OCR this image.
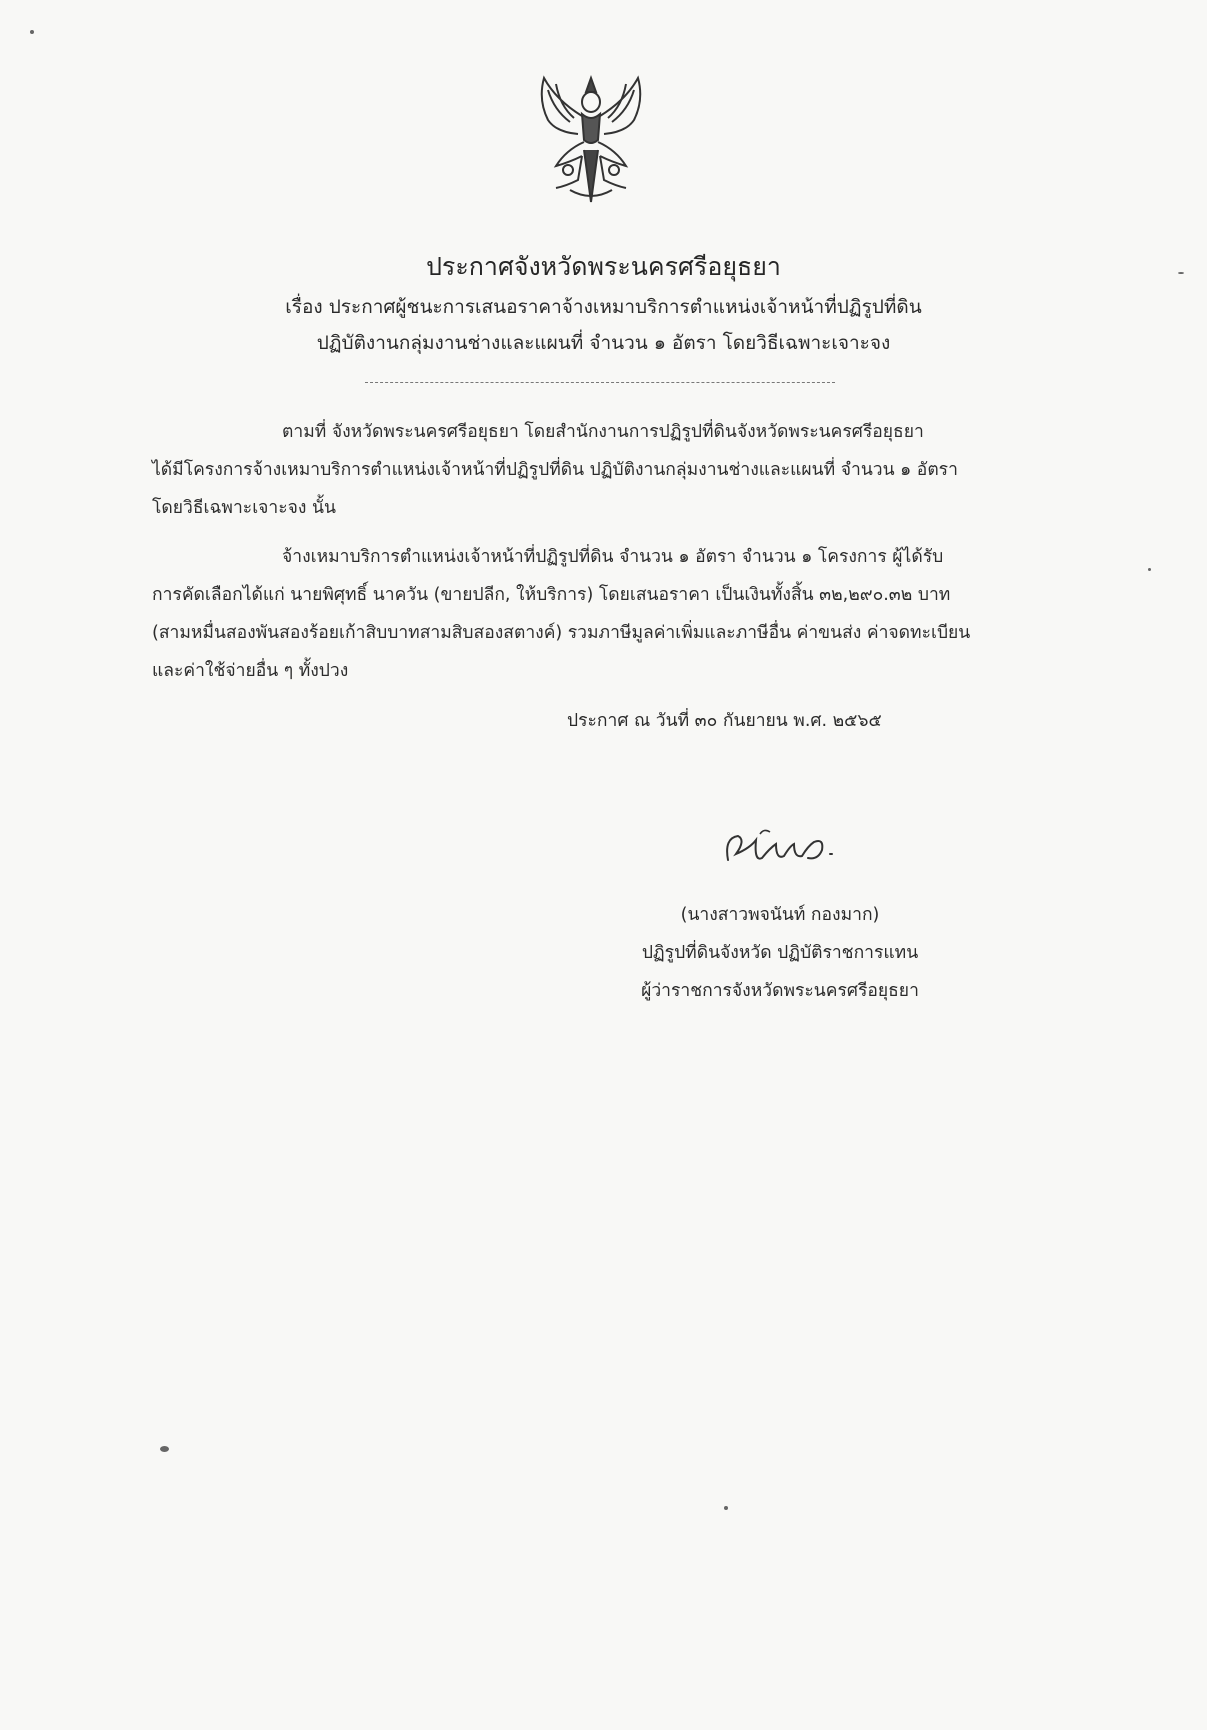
ประกาศจังหวัดพระนครศรีอยุธยา
เรื่อง ประกาศผู้ชนะการเสนอราคาจ้างเหมาบริการตำแหน่งเจ้าหน้าที่ปฏิรูปที่ดิน
ปฏิบัติงานกลุ่มงานช่างและแผนที่ จำนวน ๑ อัตรา โดยวิธีเฉพาะเจาะจง
ตามที่ จังหวัดพระนครศรีอยุธยา โดยสำนักงานการปฏิรูปที่ดินจังหวัดพระนครศรีอยุธยา
ได้มีโครงการจ้างเหมาบริการตำแหน่งเจ้าหน้าที่ปฏิรูปที่ดิน ปฏิบัติงานกลุ่มงานช่างและแผนที่ จำนวน ๑ อัตรา
โดยวิธีเฉพาะเจาะจง นั้น
จ้างเหมาบริการตำแหน่งเจ้าหน้าที่ปฏิรูปที่ดิน จำนวน ๑ อัตรา จำนวน ๑ โครงการ ผู้ได้รับ
การคัดเลือกได้แก่ นายพิศุทธิ์ นาควัน (ขายปลีก, ให้บริการ) โดยเสนอราคา เป็นเงินทั้งสิ้น ๓๒,๒๙๐.๓๒ บาท
(สามหมื่นสองพันสองร้อยเก้าสิบบาทสามสิบสองสตางค์) รวมภาษีมูลค่าเพิ่มและภาษีอื่น ค่าขนส่ง ค่าจดทะเบียน
และค่าใช้จ่ายอื่น ๆ ทั้งปวง
ประกาศ ณ วันที่ ๓๐ กันยายน พ.ศ. ๒๕๖๕
(นางสาวพจนันท์ กองมาก)
ปฏิรูปที่ดินจังหวัด ปฏิบัติราชการแทน
ผู้ว่าราชการจังหวัดพระนครศรีอยุธยา
